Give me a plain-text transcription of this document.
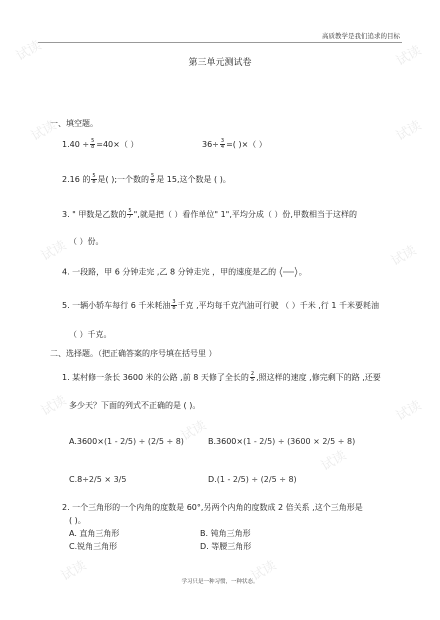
试读	试读
试读	试读
试读	试读
试读	试读
试读
试读
试读
试读
高质教学是我们追求的目标
第三单元测试卷
一、填空题。
$1.40 \div \frac{5}{8} =40\times$（ ）	$36\div \frac{3}{4}$ =( )×（ ）
2.16 的 $\frac{5}{8}$ 是( );一个数的 $\frac{5}{8}$ 是 15,这个数是 ( )。
3. " 甲数是乙数的 $\frac{5}{7}$ ",就是把（ ）看作单位" 1",平均分成（ ）份,甲数相当于这样的
（ ）份。
4. 一段路，甲 6 分钟走完 ,乙 8 分钟走完 ，甲的速度是乙的	。
5. 一辆小轿车每行 6 千米耗油 $\frac{3}{8}$ 千克 ,平均每千克汽油可行驶 （ ）千米 ,行 1 千米要耗油
（ ）千克。
二、选择题。（把正确答案的序号填在括号里 ）
1. 某村修一条长 3600 米的公路 ,前 8 天修了全长的 $\frac{2}{5}$ ,照这样的速度 ,修完剩下的路 ,还要
多少天？下面的列式不正确的是 ( )。
A.3600×(1 - 2/5) ÷ (2/5 ÷ 8)	B.3600×(1 - 2/5) ÷ (3600 × 2/5 ÷ 8)
C.8÷2/5 × 3/5	D.(1 - 2/5) ÷ (2/5 ÷ 8)
2. 一个三角形的一个内角的度数是 60°,另两个内角的度数成 2 倍关系 ,这个三角形是
( )。
A. 直角三角形	B. 钝角三角形
C.锐角三角形	D. 等腰三角形
学习只是一种习惯，一种状态。
